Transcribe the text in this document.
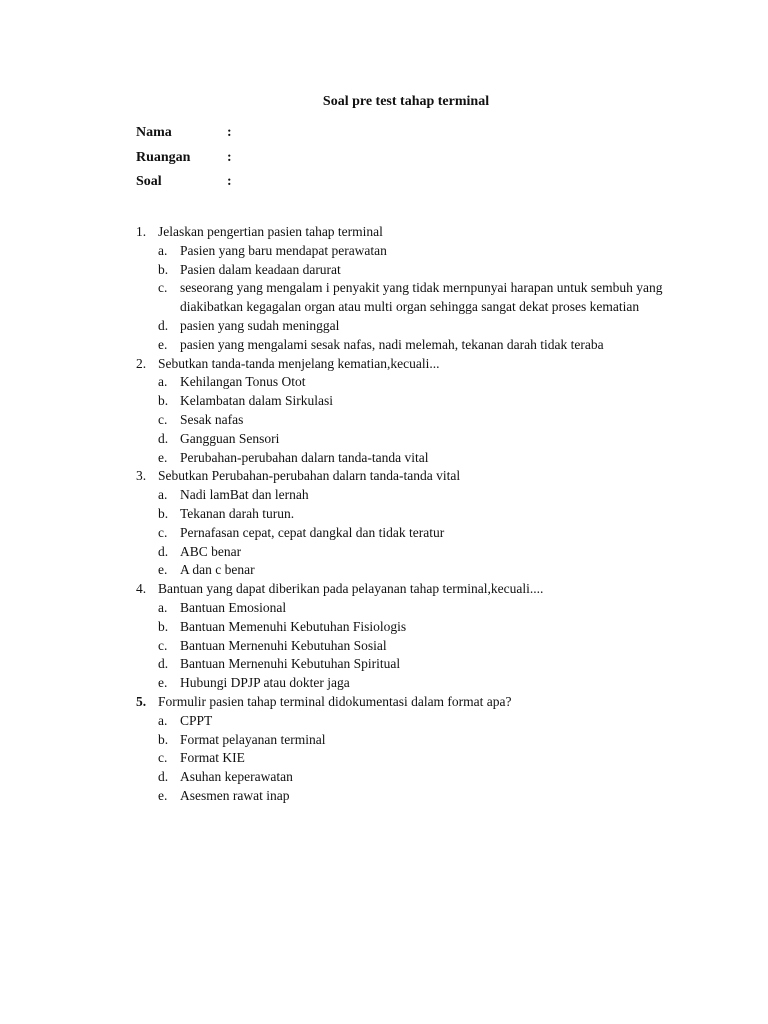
Soal pre test tahap terminal
Nama	:
Ruangan	:
Soal	:
1. Jelaskan pengertian pasien tahap terminal
a. Pasien yang baru mendapat perawatan
b. Pasien dalam keadaan darurat
c. seseorang yang mengalam i penyakit yang tidak mernpunyai harapan untuk sembuh yang diakibatkan kegagalan organ atau multi organ sehingga sangat dekat proses kematian
d. pasien yang sudah meninggal
e. pasien yang mengalami sesak nafas, nadi melemah, tekanan darah tidak teraba
2. Sebutkan tanda-tanda menjelang kematian,kecuali...
a. Kehilangan Tonus Otot
b. Kelambatan dalam Sirkulasi
c. Sesak nafas
d. Gangguan Sensori
e. Perubahan-perubahan dalarn tanda-tanda vital
3. Sebutkan Perubahan-perubahan dalarn tanda-tanda vital
a. Nadi lamBat dan lernah
b. Tekanan darah turun.
c. Pernafasan cepat, cepat dangkal dan tidak teratur
d. ABC benar
e. A dan c benar
4. Bantuan yang dapat diberikan pada pelayanan tahap terminal,kecuali....
a. Bantuan Emosional
b. Bantuan Memenuhi Kebutuhan Fisiologis
c. Bantuan Mernenuhi Kebutuhan Sosial
d. Bantuan Mernenuhi Kebutuhan Spiritual
e. Hubungi DPJP atau dokter jaga
5. Formulir pasien tahap terminal didokumentasi dalam format apa?
a. CPPT
b. Format pelayanan terminal
c. Format KIE
d. Asuhan keperawatan
e. Asesmen rawat inap
